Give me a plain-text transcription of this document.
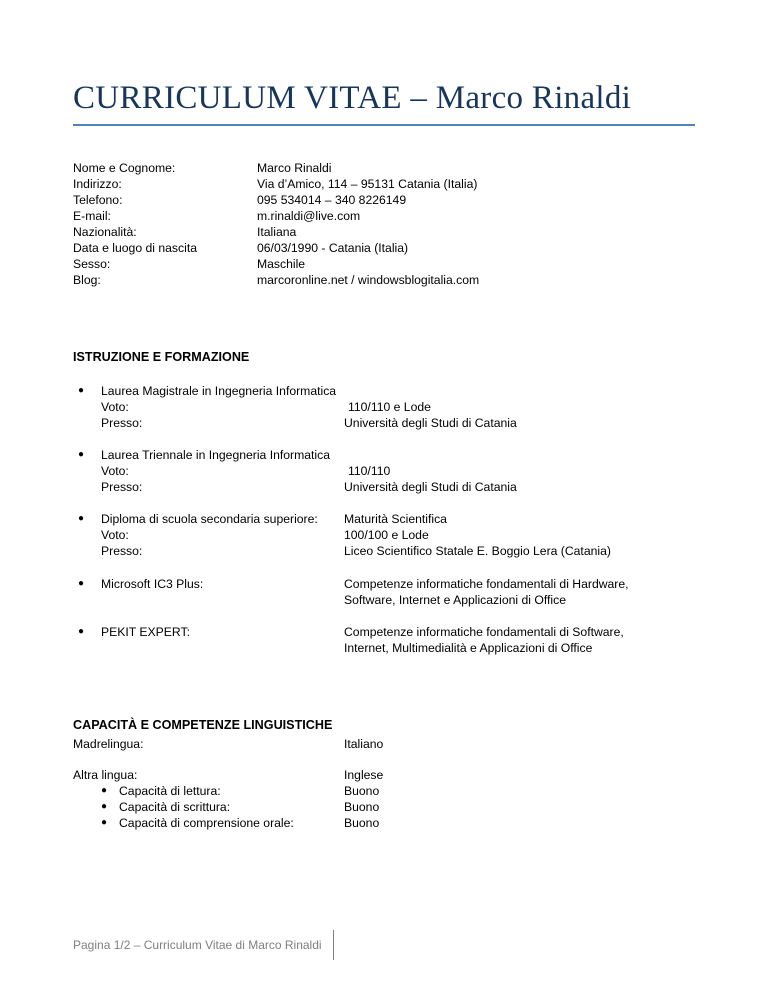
CURRICULUM VITAE – Marco Rinaldi
Nome e Cognome:	Marco Rinaldi
Indirizzo:	Via d’Amico, 114 – 95131 Catania (Italia)
Telefono:	095 534014 – 340 8226149
E-mail:	m.rinaldi@live.com
Nazionalità:	Italiana
Data e luogo di nascita	06/03/1990 - Catania (Italia)
Sesso:	Maschile
Blog:	marcoronline.net / windowsblogitalia.com
ISTRUZIONE E FORMAZIONE
● Laurea Magistrale in Ingegneria Informatica
Voto:	110/110 e Lode
Presso:	Università degli Studi di Catania
● Laurea Triennale in Ingegneria Informatica
Voto:	110/110
Presso:	Università degli Studi di Catania
● Diploma di scuola secondaria superiore: Maturità Scientifica
Voto:	100/100 e Lode
Presso:	Liceo Scientifico Statale E. Boggio Lera (Catania)
● Microsoft IC3 Plus:	Competenze informatiche fondamentali di Hardware,
Software, Internet e Applicazioni di Office
● PEKIT EXPERT:	Competenze informatiche fondamentali di Software,
Internet, Multimedialità e Applicazioni di Office
CAPACITÀ E COMPETENZE LINGUISTICHE
Madrelingua:	Italiano
Altra lingua:	Inglese
● Capacità di lettura:	Buono
● Capacità di scrittura:	Buono
● Capacità di comprensione orale:	Buono
Pagina 1/2 – Curriculum Vitae di Marco Rinaldi
